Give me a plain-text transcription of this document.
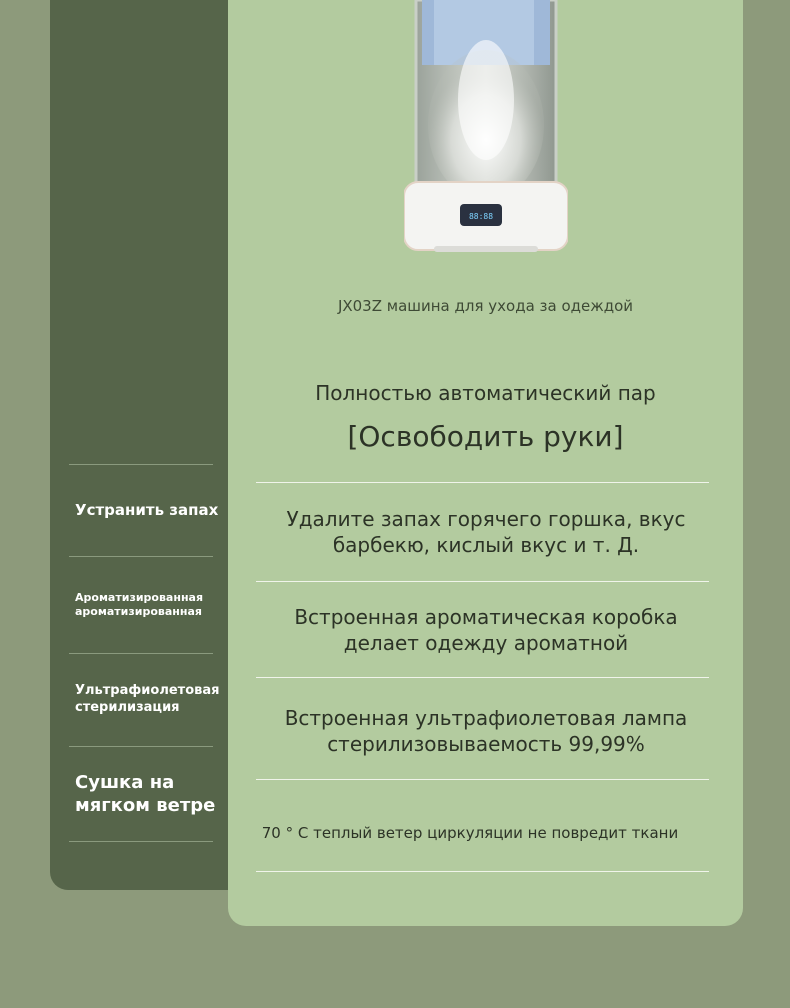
88:88
JX03Z машина для ухода за одеждой
Полностью автоматический пар
[Освободить руки]
Устранить запах
Ароматизированная ароматизированная
Ультрафиолетовая стерилизация
Сушка на мягком ветре
Удалите запах горячего горшка, вкус барбекю, кислый вкус и т. Д.
Встроенная ароматическая коробка делает одежду ароматной
Встроенная ультрафиолетовая лампа стерилизовываемость 99,99%
70 ° С теплый ветер циркуляции не повредит ткани
